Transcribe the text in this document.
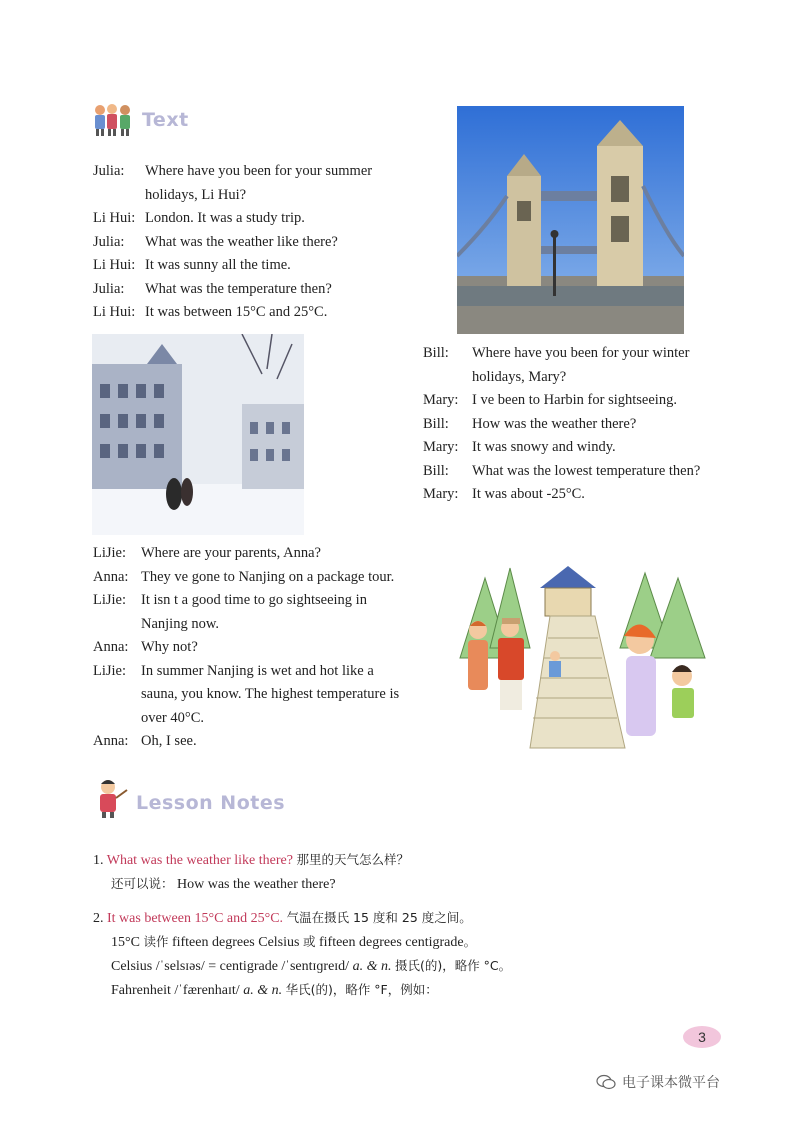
Text
Julia:	Where have you been for your summer holidays, Li Hui?
Li Hui: London. It was a study trip.
Julia:	What was the weather like there?
Li Hui: It was sunny all the time.
Julia:	What was the temperature then?
Li Hui: It was between 15°C and 25°C.
Bill:	Where have you been for your winter holidays, Mary?
Mary: I ve been to Harbin for sightseeing.
Bill:	How was the weather there?
Mary: It was snowy and windy.
Bill:	What was the lowest temperature then?
Mary: It was about -25°C.
LiJie:	Where are your parents, Anna?
Anna: They ve gone to Nanjing on a package tour.
LiJie:	It isn t a good time to go sightseeing in Nanjing now.
Anna: Why not?
LiJie:	In summer Nanjing is wet and hot like a sauna, you know. The highest temperature is over 40°C.
Anna: Oh, I see.
Lesson Notes
1. What was the weather like there? 那里的天气怎么样？
还可以说： How was the weather there?
2. It was between 15°C and 25°C. 气温在摄氏 15 度和 25 度之间。
15°C 读作 fifteen degrees Celsius 或 fifteen degrees centigrade。
Celsius /ˈselsɪəs/ = centigrade /ˈsentɪɡreɪd/ a. & n. 摄氏(的)，略作 °C。
Fahrenheit /ˈfærenhaɪt/ a. & n. 华氏(的)，略作 °F，例如：
3
电子课本微平台
